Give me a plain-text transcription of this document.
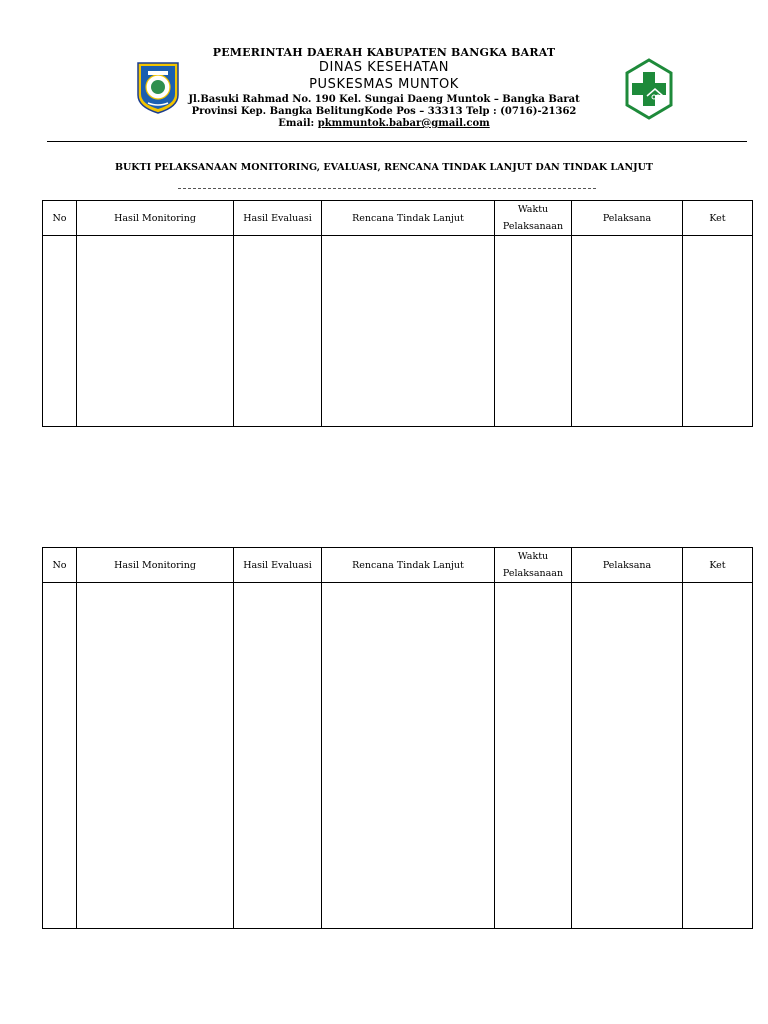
PEMERINTAH DAERAH KABUPATEN BANGKA BARAT
DINAS KESEHATAN
PUSKESMAS MUNTOK
Jl.Basuki Rahmad No. 190 Kel. Sungai Daeng Muntok – Bangka Barat
Provinsi Kep. Bangka BelitungKode Pos – 33313 Telp : (0716)-21362
Email: pkmmuntok.babar@gmail.com
BUKTI PELAKSANAAN MONITORING, EVALUASI, RENCANA TINDAK LANJUT DAN TINDAK LANJUT
No	Hasil Monitoring	Hasil Evaluasi	Rencana Tindak Lanjut	Waktu Pelaksanaan	Pelaksana	Ket

No	Hasil Monitoring	Hasil Evaluasi	Rencana Tindak Lanjut	Waktu Pelaksanaan	Pelaksana	Ket
